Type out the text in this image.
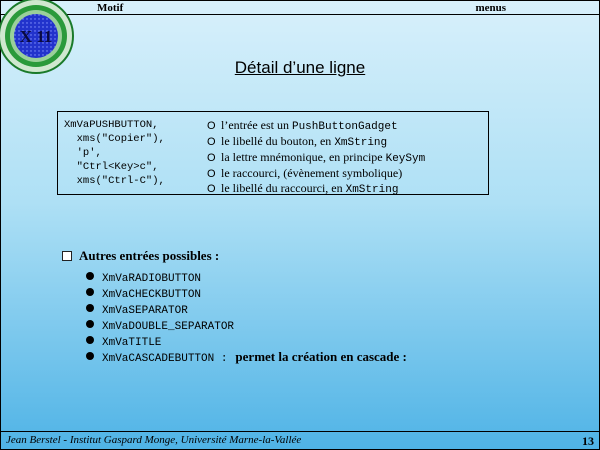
Motif	menus
X 11
Détail d’une ligne
XmVaPUSHBUTTON,
xms("Copier"),
'p',
"Ctrl<Key>c",
xms("Ctrl-C"),
O l’entrée est un PushButtonGadget
O le libellé du bouton, en XmString
O la lettre mnémonique, en principe KeySym
O le raccourci, (évènement symbolique)
O le libellé du raccourci, en XmString
Autres entrées possibles :
XmVaRADIOBUTTON
XmVaCHECKBUTTON
XmVaSEPARATOR
XmVaDOUBLE_SEPARATOR
XmVaTITLE
XmVaCASCADEBUTTON : permet la création en cascade :
Jean Berstel - Institut Gaspard Monge, Université Marne-la-Vallée	13
